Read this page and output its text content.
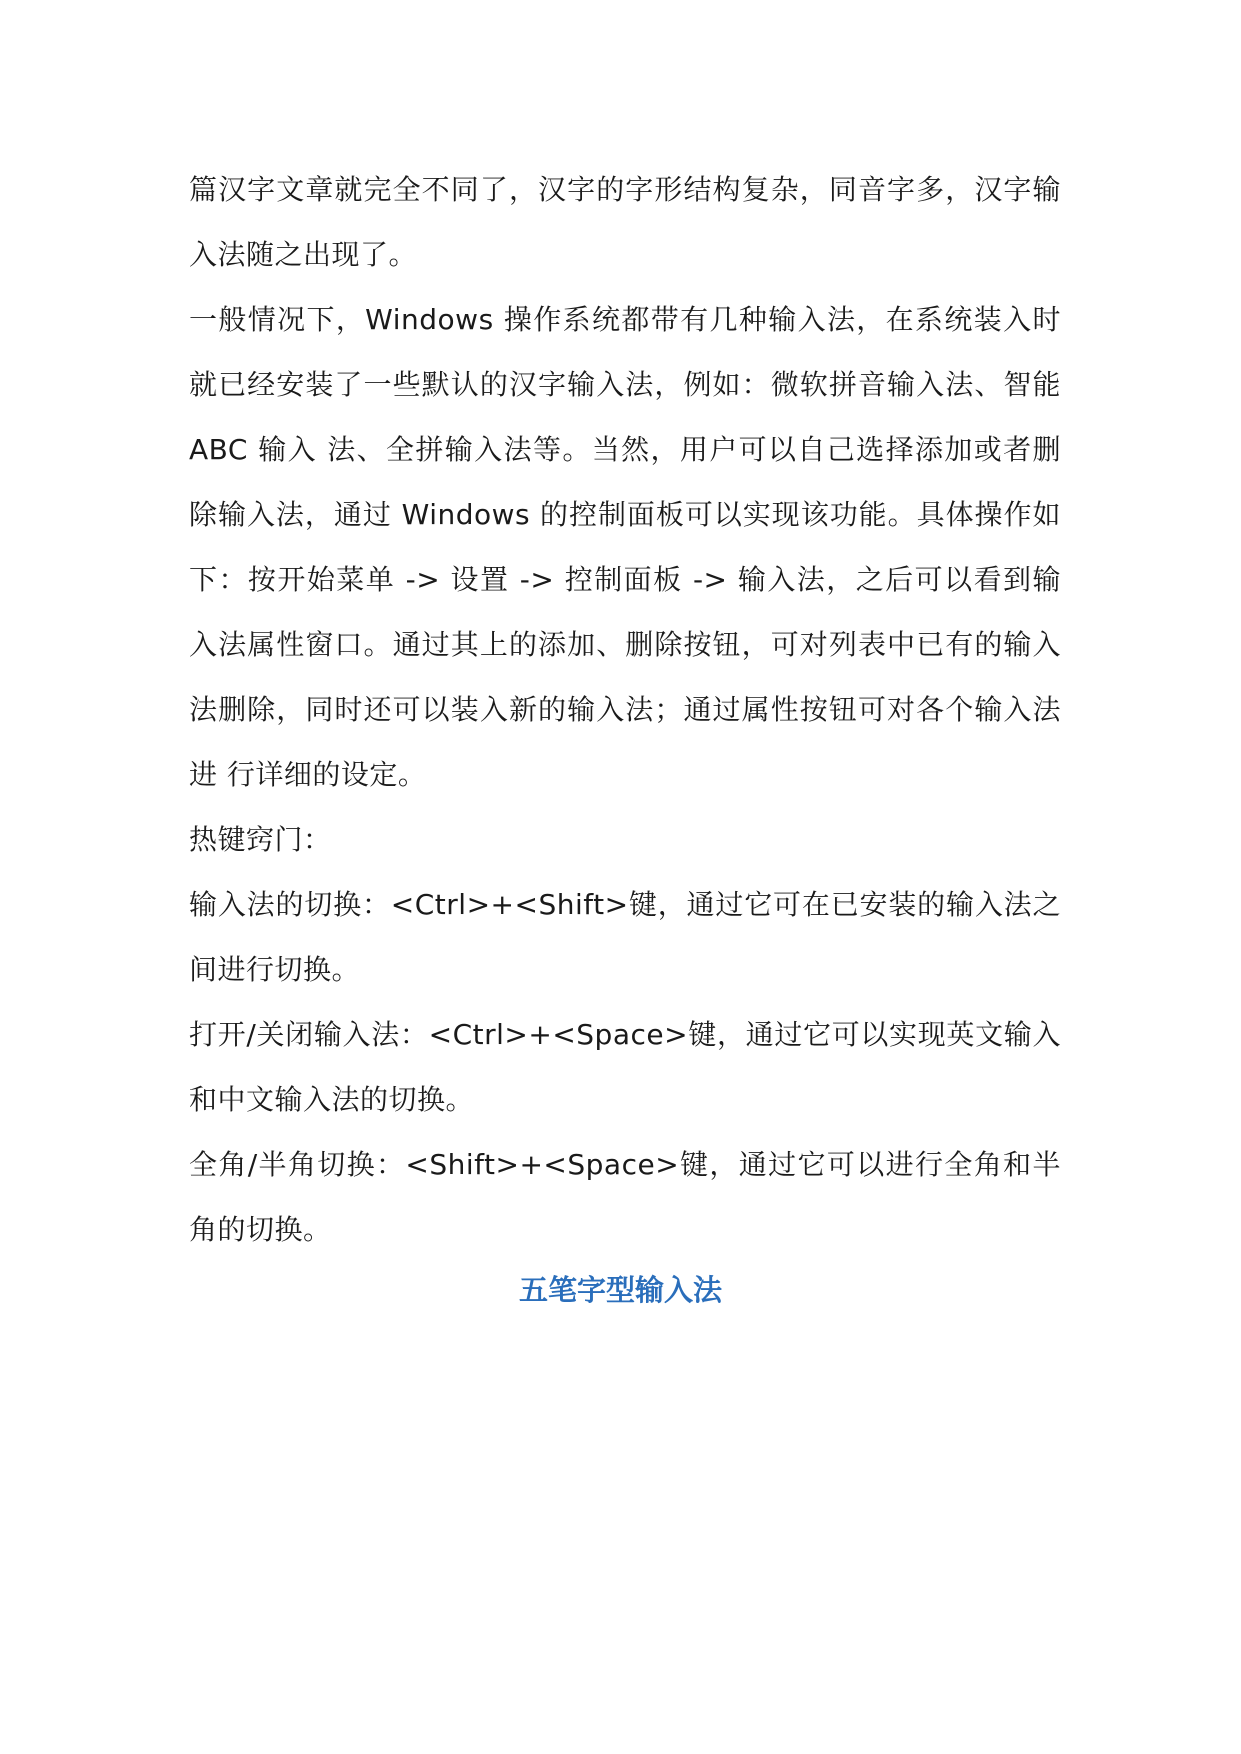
篇汉字文章就完全不同了，汉字的字形结构复杂，同音字多，汉字输入法随之出现了。

一般情况下，Windows 操作系统都带有几种输入法，在系统装入时就已经安装了一些默认的汉字输入法，例如：微软拼音输入法、智能 ABC 输入 法、全拼输入法等。当然，用户可以自己选择添加或者删除输入法，通过 Windows 的控制面板可以实现该功能。具体操作如下：按开始菜单 -> 设置 -> 控制面板 -> 输入法，之后可以看到输入法属性窗口。通过其上的添加、删除按钮，可对列表中已有的输入法删除，同时还可以装入新的输入法；通过属性按钮可对各个输入法进 行详细的设定。

热键窍门：

输入法的切换：<Ctrl>+<Shift>键，通过它可在已安装的输入法之间进行切换。

打开/关闭输入法：<Ctrl>+<Space>键，通过它可以实现英文输入和中文输入法的切换。

全角/半角切换：<Shift>+<Space>键，通过它可以进行全角和半角的切换。

五笔字型输入法
